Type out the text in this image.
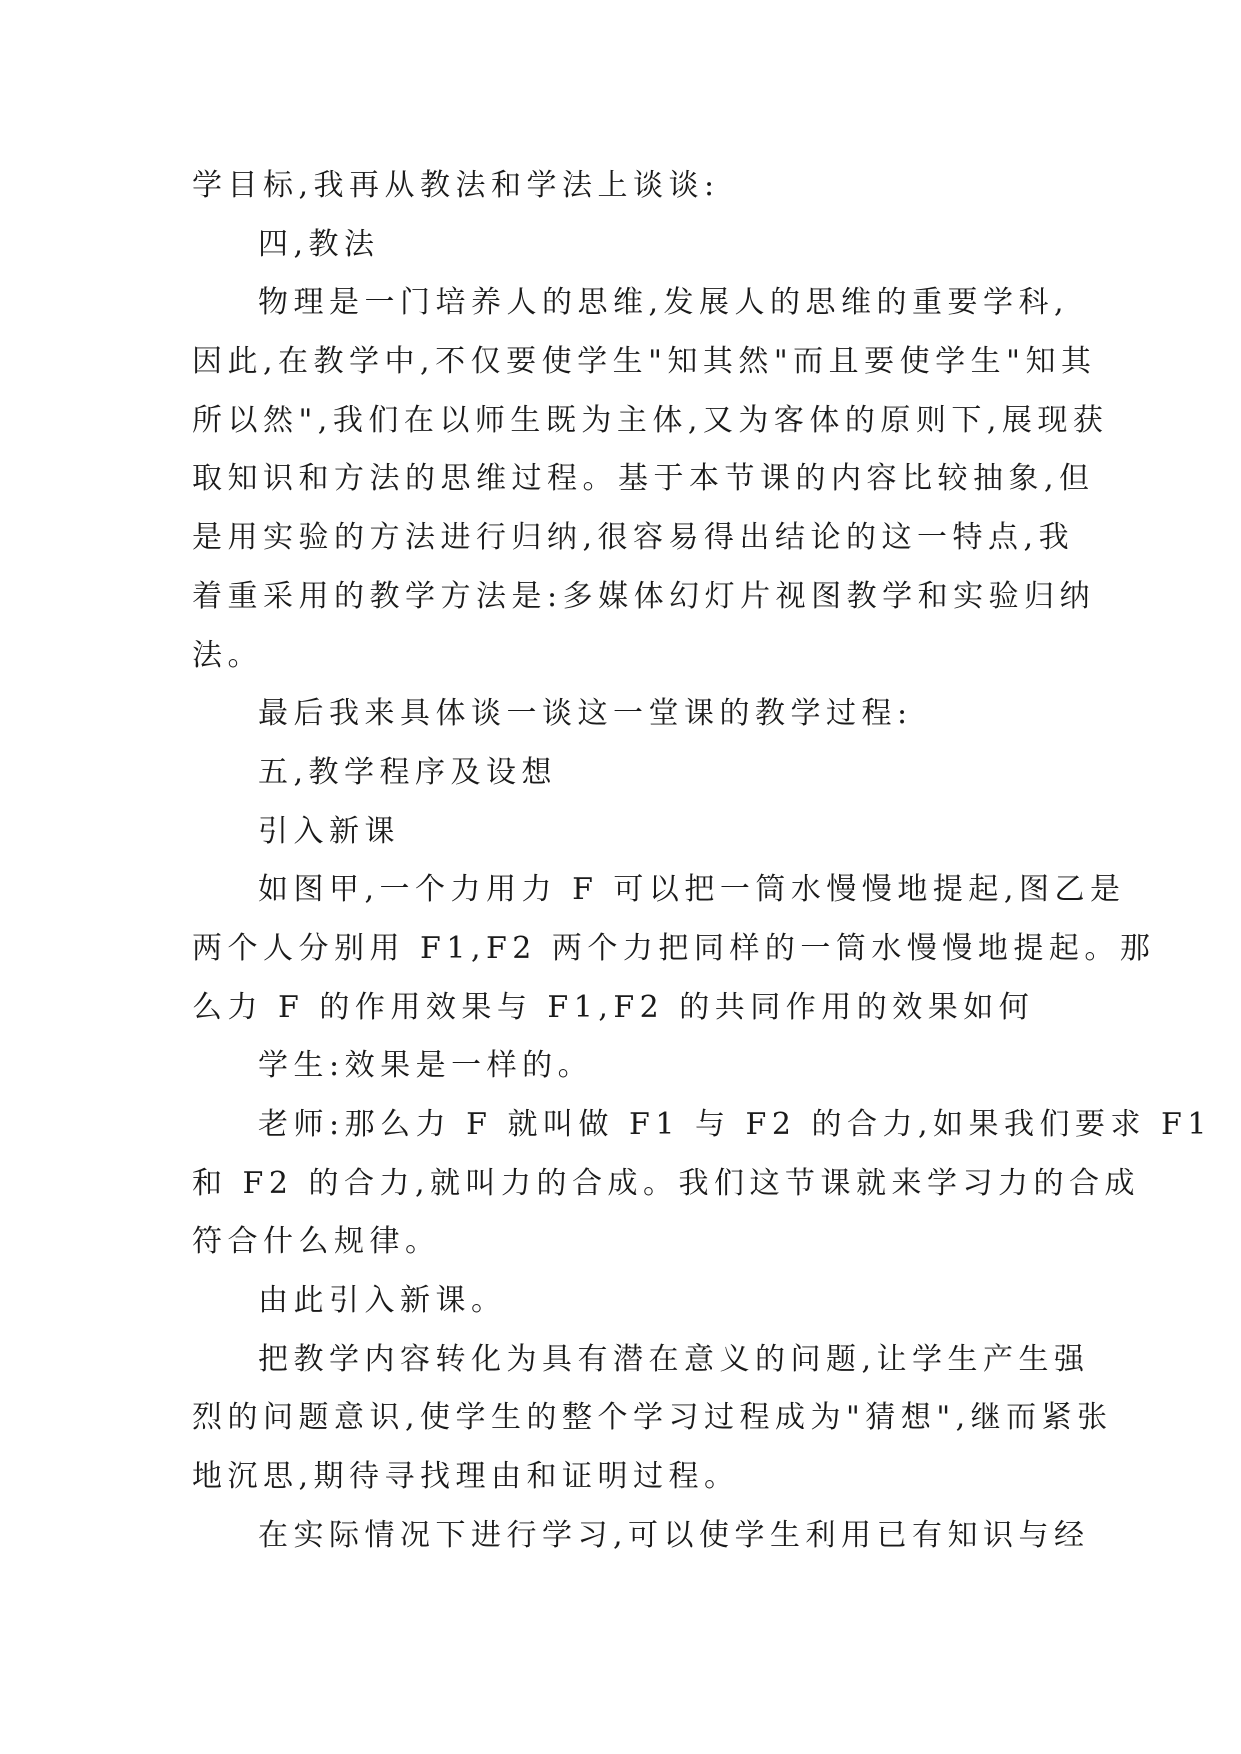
学目标,我再从教法和学法上谈谈:
四,教法
物理是一门培养人的思维,发展人的思维的重要学科,
因此,在教学中,不仅要使学生"知其然"而且要使学生"知其
所以然",我们在以师生既为主体,又为客体的原则下,展现获
取知识和方法的思维过程。基于本节课的内容比较抽象,但
是用实验的方法进行归纳,很容易得出结论的这一特点,我
着重采用的教学方法是:多媒体幻灯片视图教学和实验归纳
法。
最后我来具体谈一谈这一堂课的教学过程:
五,教学程序及设想
引入新课
如图甲,一个力用力 F 可以把一筒水慢慢地提起,图乙是
两个人分别用 F1,F2 两个力把同样的一筒水慢慢地提起。那
么力 F 的作用效果与 F1,F2 的共同作用的效果如何
学生:效果是一样的。
老师:那么力 F 就叫做 F1 与 F2 的合力,如果我们要求 F1
和 F2 的合力,就叫力的合成。我们这节课就来学习力的合成
符合什么规律。
由此引入新课。
把教学内容转化为具有潜在意义的问题,让学生产生强
烈的问题意识,使学生的整个学习过程成为"猜想",继而紧张
地沉思,期待寻找理由和证明过程。
在实际情况下进行学习,可以使学生利用已有知识与经
